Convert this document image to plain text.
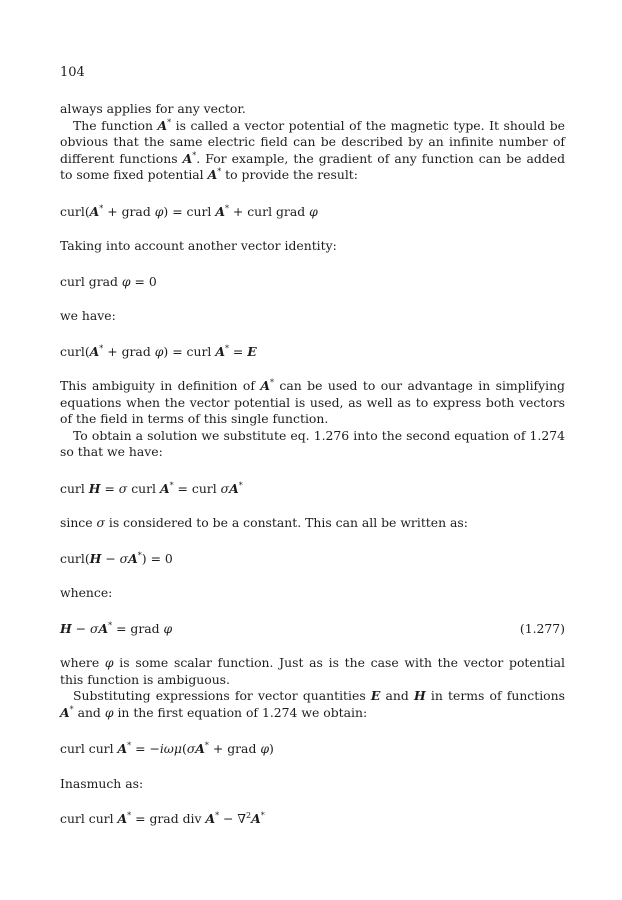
104

always applies for any vector.

The function A* is called a vector potential of the magnetic type. It should be obvious that the same electric field can be described by an infinite number of different functions A*. For example, the gradient of any function can be added to some fixed potential A* to provide the result:

curl(A* + grad φ) = curl A* + curl grad φ

Taking into account another vector identity:

curl grad φ = 0

we have:

curl(A* + grad φ) = curl A* = E

This ambiguity in definition of A* can be used to our advantage in simplifying equations when the vector potential is used, as well as to express both vectors of the field in terms of this single function.

To obtain a solution we substitute eq. 1.276 into the second equation of 1.274 so that we have:

curl H = σ curl A* = curl σA*

since σ is considered to be a constant. This can all be written as:

curl(H − σA*) = 0

whence:

H − σA* = grad φ	(1.277)

where φ is some scalar function. Just as is the case with the vector potential this function is ambiguous.

Substituting expressions for vector quantities E and H in terms of functions A* and φ in the first equation of 1.274 we obtain:

curl curl A* = −iωμ(σA* + grad φ)

Inasmuch as:

curl curl A* = grad div A* − ∇$^2$A*
